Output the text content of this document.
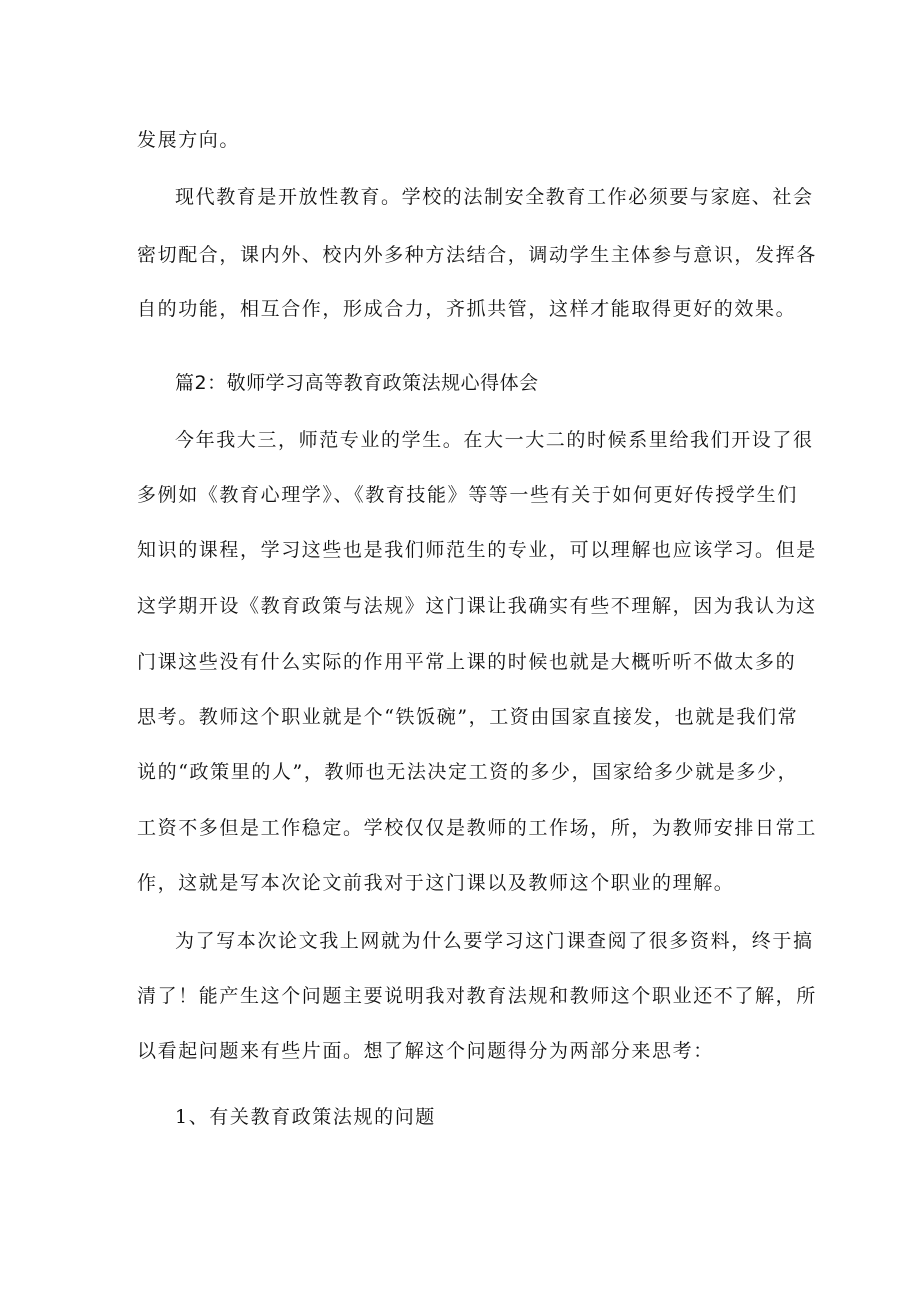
发展方向。
现代教育是开放性教育。学校的法制安全教育工作必须要与家庭、社会
密切配合，课内外、校内外多种方法结合，调动学生主体参与意识，发挥各
自的功能，相互合作，形成合力，齐抓共管，这样才能取得更好的效果。
篇2：敬师学习高等教育政策法规心得体会
今年我大三，师范专业的学生。在大一大二的时候系里给我们开设了很
多例如《教育心理学》、《教育技能》等等一些有关于如何更好传授学生们
知识的课程，学习这些也是我们师范生的专业，可以理解也应该学习。但是
这学期开设《教育政策与法规》这门课让我确实有些不理解，因为我认为这
门课这些没有什么实际的作用平常上课的时候也就是大概听听不做太多的
思考。教师这个职业就是个“铁饭碗”，工资由国家直接发，也就是我们常
说的“政策里的人”，教师也无法决定工资的多少，国家给多少就是多少，
工资不多但是工作稳定。学校仅仅是教师的工作场，所，为教师安排日常工
作，这就是写本次论文前我对于这门课以及教师这个职业的理解。
为了写本次论文我上网就为什么要学习这门课查阅了很多资料，终于搞
清了！能产生这个问题主要说明我对教育法规和教师这个职业还不了解，所
以看起问题来有些片面。想了解这个问题得分为两部分来思考：
1、有关教育政策法规的问题
